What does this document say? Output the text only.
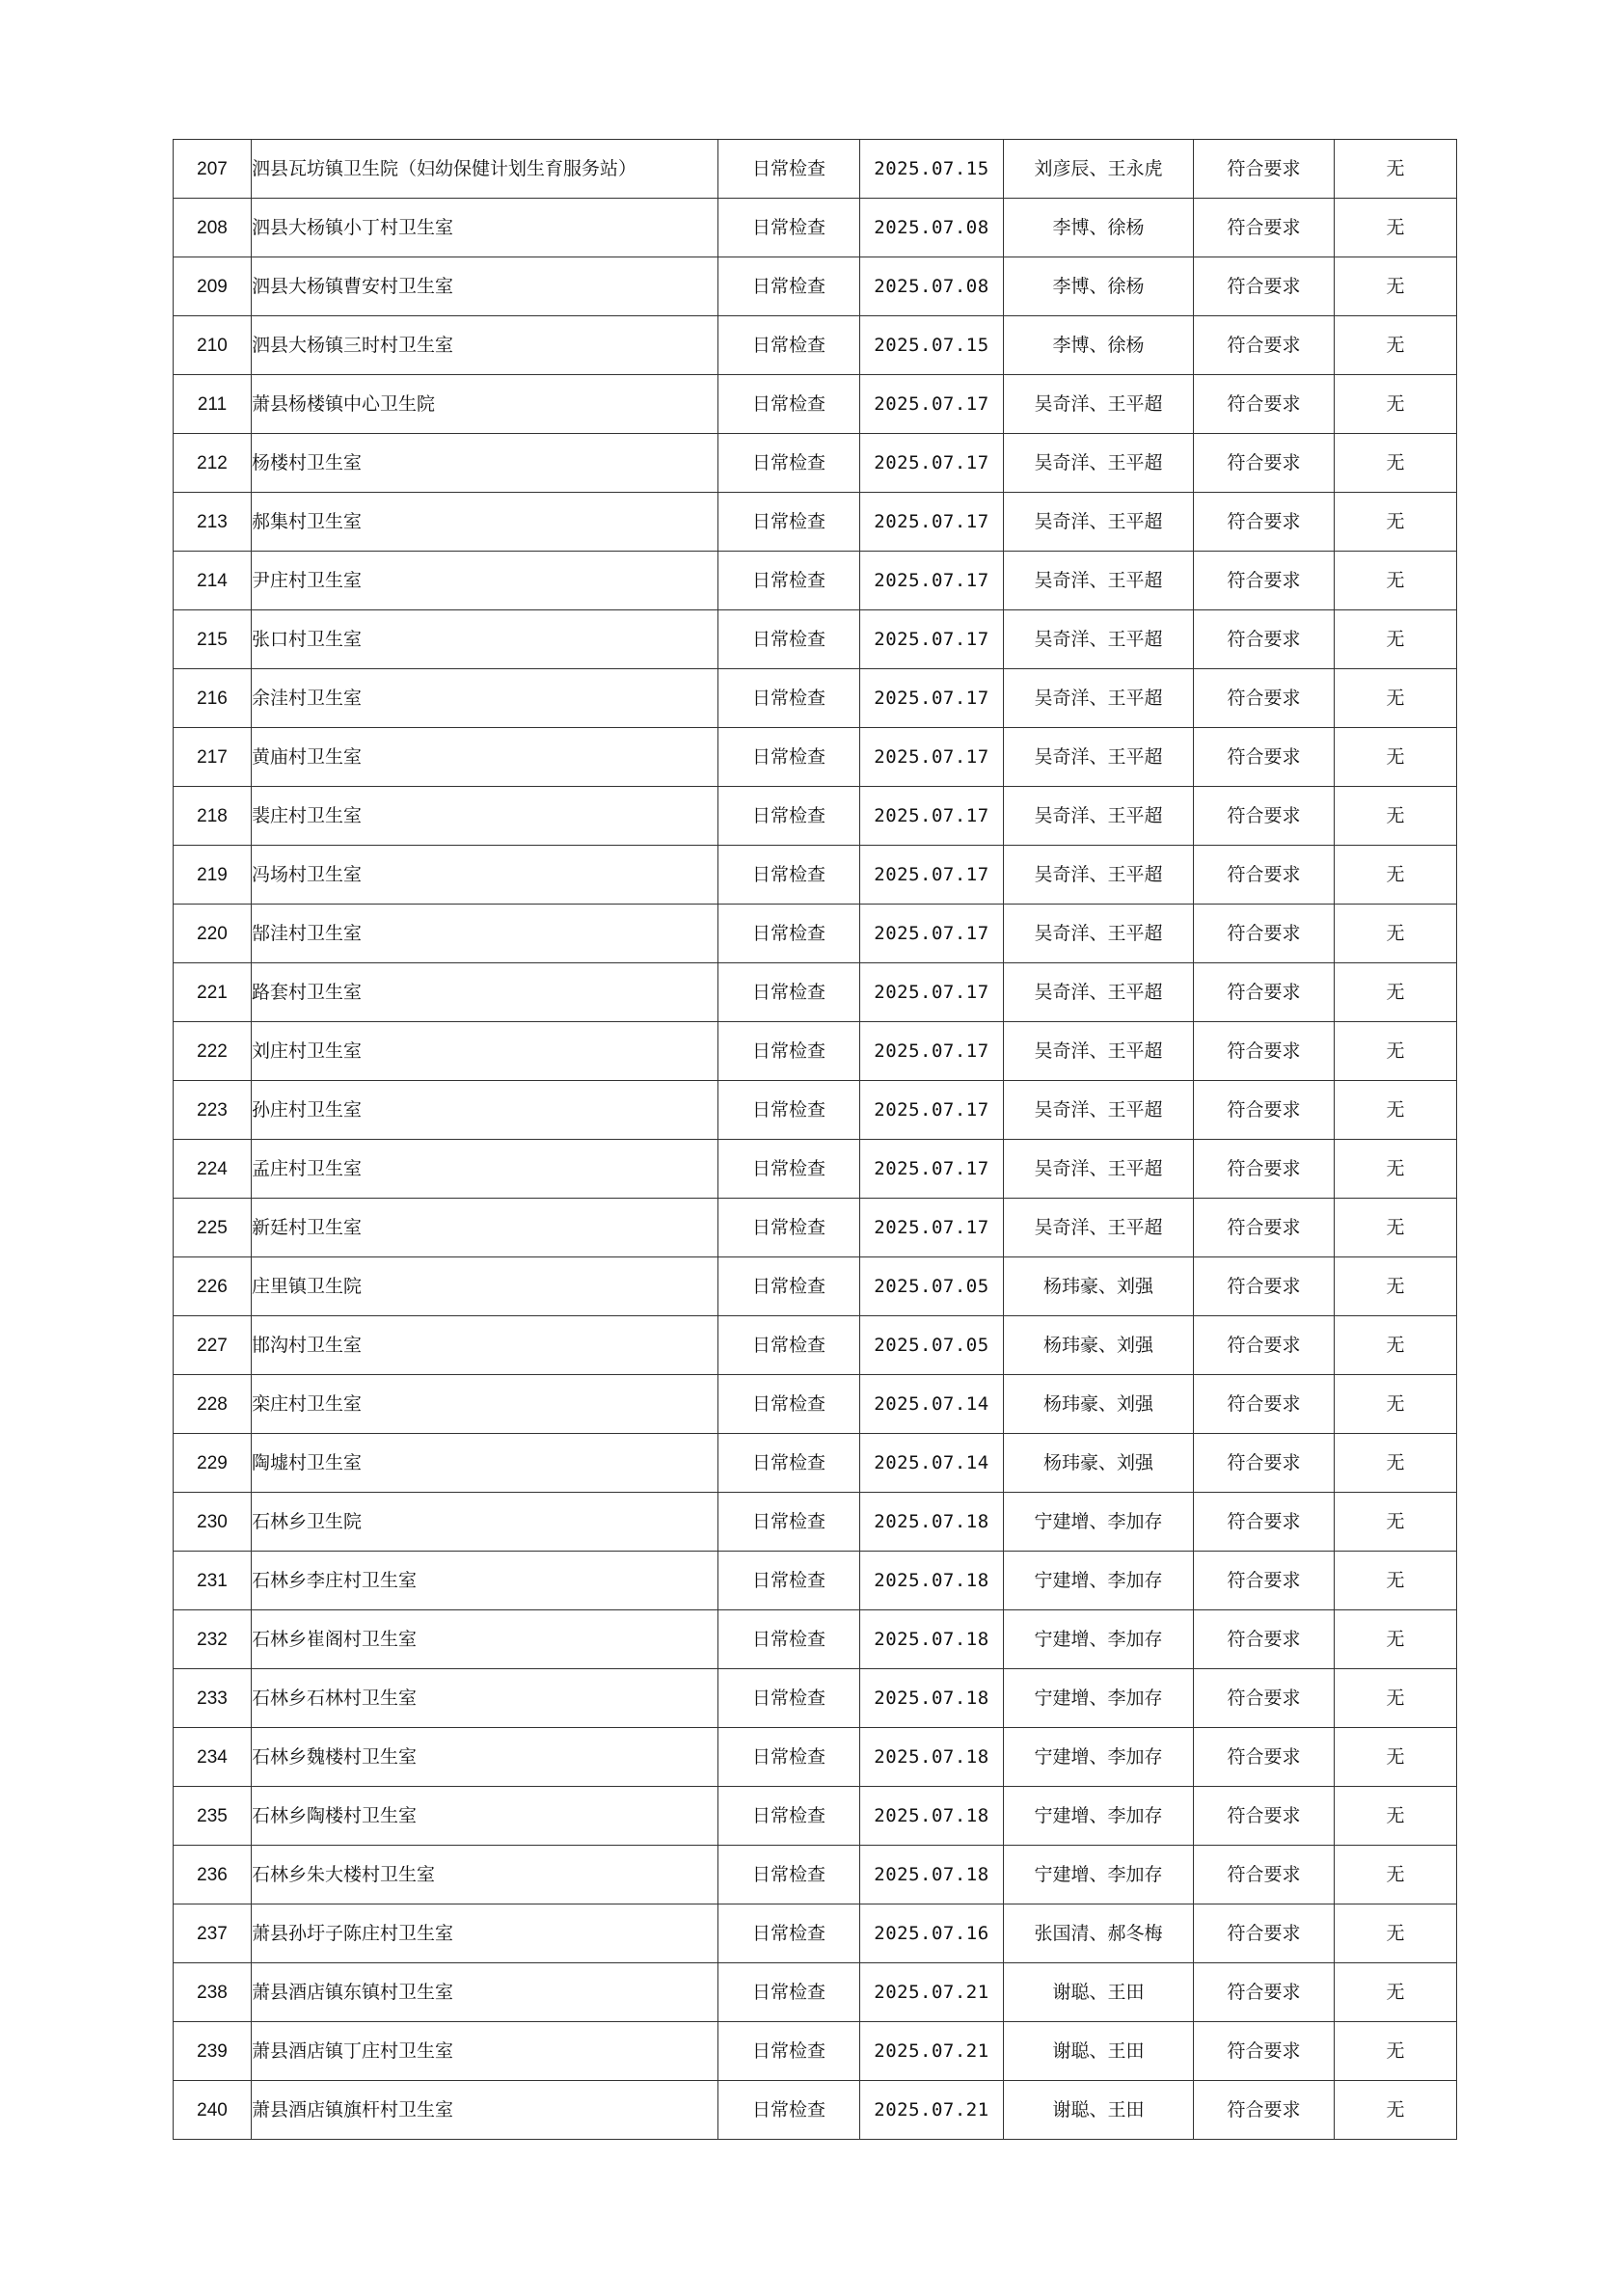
207	泗县瓦坊镇卫生院（妇幼保健计划生育服务站）	日常检查	2025.07.15	刘彦辰、王永虎	符合要求	无
208	泗县大杨镇小丁村卫生室	日常检查	2025.07.08	李博、徐杨	符合要求	无
209	泗县大杨镇曹安村卫生室	日常检查	2025.07.08	李博、徐杨	符合要求	无
210	泗县大杨镇三时村卫生室	日常检查	2025.07.15	李博、徐杨	符合要求	无
211	萧县杨楼镇中心卫生院	日常检查	2025.07.17	吴奇洋、王平超	符合要求	无
212	杨楼村卫生室	日常检查	2025.07.17	吴奇洋、王平超	符合要求	无
213	郝集村卫生室	日常检查	2025.07.17	吴奇洋、王平超	符合要求	无
214	尹庄村卫生室	日常检查	2025.07.17	吴奇洋、王平超	符合要求	无
215	张口村卫生室	日常检查	2025.07.17	吴奇洋、王平超	符合要求	无
216	余洼村卫生室	日常检查	2025.07.17	吴奇洋、王平超	符合要求	无
217	黄庙村卫生室	日常检查	2025.07.17	吴奇洋、王平超	符合要求	无
218	裴庄村卫生室	日常检查	2025.07.17	吴奇洋、王平超	符合要求	无
219	冯场村卫生室	日常检查	2025.07.17	吴奇洋、王平超	符合要求	无
220	郜洼村卫生室	日常检查	2025.07.17	吴奇洋、王平超	符合要求	无
221	路套村卫生室	日常检查	2025.07.17	吴奇洋、王平超	符合要求	无
222	刘庄村卫生室	日常检查	2025.07.17	吴奇洋、王平超	符合要求	无
223	孙庄村卫生室	日常检查	2025.07.17	吴奇洋、王平超	符合要求	无
224	孟庄村卫生室	日常检查	2025.07.17	吴奇洋、王平超	符合要求	无
225	新廷村卫生室	日常检查	2025.07.17	吴奇洋、王平超	符合要求	无
226	庄里镇卫生院	日常检查	2025.07.05	杨玮豪、刘强	符合要求	无
227	邯沟村卫生室	日常检查	2025.07.05	杨玮豪、刘强	符合要求	无
228	栾庄村卫生室	日常检查	2025.07.14	杨玮豪、刘强	符合要求	无
229	陶墟村卫生室	日常检查	2025.07.14	杨玮豪、刘强	符合要求	无
230	石林乡卫生院	日常检查	2025.07.18	宁建增、李加存	符合要求	无
231	石林乡李庄村卫生室	日常检查	2025.07.18	宁建增、李加存	符合要求	无
232	石林乡崔阁村卫生室	日常检查	2025.07.18	宁建增、李加存	符合要求	无
233	石林乡石林村卫生室	日常检查	2025.07.18	宁建增、李加存	符合要求	无
234	石林乡魏楼村卫生室	日常检查	2025.07.18	宁建增、李加存	符合要求	无
235	石林乡陶楼村卫生室	日常检查	2025.07.18	宁建增、李加存	符合要求	无
236	石林乡朱大楼村卫生室	日常检查	2025.07.18	宁建增、李加存	符合要求	无
237	萧县孙圩子陈庄村卫生室	日常检查	2025.07.16	张国清、郝冬梅	符合要求	无
238	萧县酒店镇东镇村卫生室	日常检查	2025.07.21	谢聪、王田	符合要求	无
239	萧县酒店镇丁庄村卫生室	日常检查	2025.07.21	谢聪、王田	符合要求	无
240	萧县酒店镇旗杆村卫生室	日常检查	2025.07.21	谢聪、王田	符合要求	无
